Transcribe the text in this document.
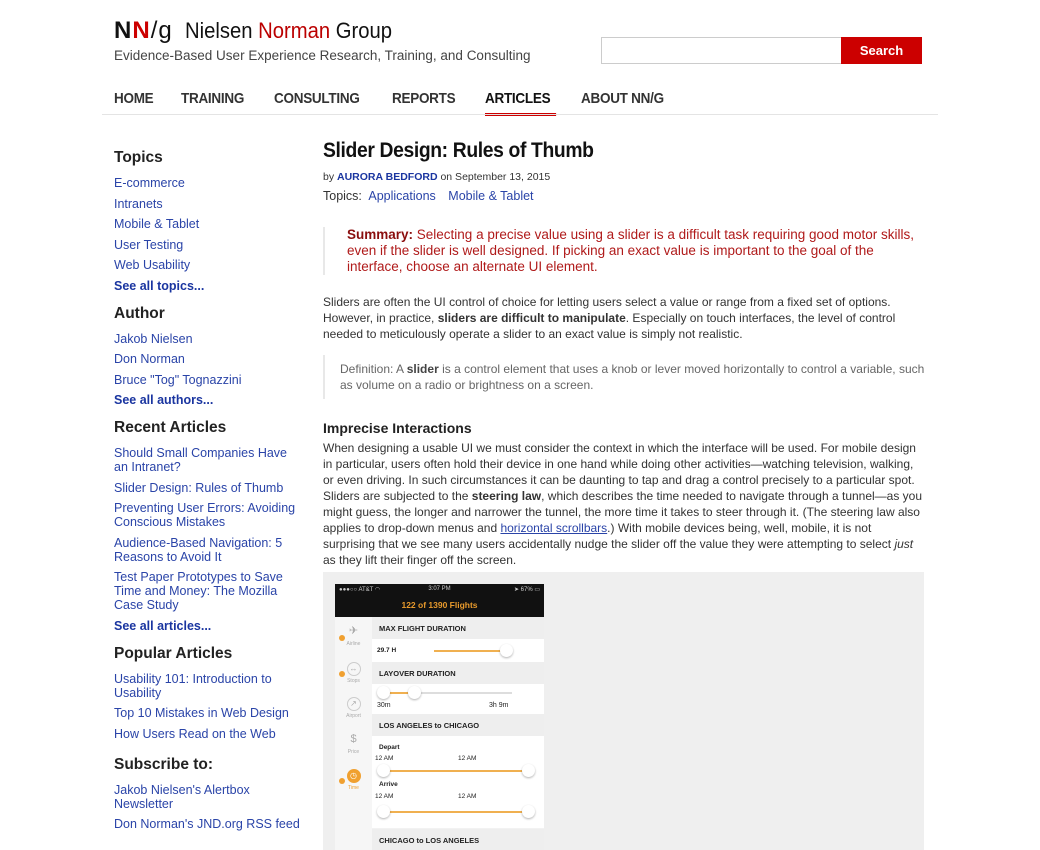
NN/g Nielsen Norman Group
Evidence-Based User Experience Research, Training, and Consulting	Search
HOME TRAINING CONSULTING REPORTS ARTICLES ABOUT NN/G
Topics
E-commerce
Intranets
Mobile & Tablet
User Testing
Web Usability
See all topics...
Author
Jakob Nielsen
Don Norman
Bruce "Tog" Tognazzini
See all authors...
Recent Articles
Should Small Companies Have an Intranet?
Slider Design: Rules of Thumb
Preventing User Errors: Avoiding Conscious Mistakes
Audience-Based Navigation: 5 Reasons to Avoid It
Test Paper Prototypes to Save Time and Money: The Mozilla Case Study
See all articles...
Popular Articles
Usability 101: Introduction to Usability
Top 10 Mistakes in Web Design
How Users Read on the Web
Subscribe to:
Jakob Nielsen's Alertbox Newsletter
Don Norman's JND.org RSS feed
Slider Design: Rules of Thumb
by AURORA BEDFORD on September 13, 2015
Topics: Applications Mobile & Tablet
Summary: Selecting a precise value using a slider is a difficult task requiring good motor skills, even if the slider is well designed. If picking an exact value is important to the goal of the interface, choose an alternate UI element.

Sliders are often the UI control of choice for letting users select a value or range from a fixed set of options. However, in practice, sliders are difficult to manipulate. Especially on touch interfaces, the level of control needed to meticulously operate a slider to an exact value is simply not realistic.

Definition: A slider is a control element that uses a knob or lever moved horizontally to control a variable, such as volume on a radio or brightness on a screen.
Imprecise Interactions

When designing a usable UI we must consider the context in which the interface will be used. For mobile design in particular, users often hold their device in one hand while doing other activities—watching television, walking, or even driving. In such circumstances it can be daunting to tap and drag a control precisely to a particular spot. Sliders are subjected to the steering law, which describes the time needed to navigate through a tunnel—as you might guess, the longer and narrower the tunnel, the more time it takes to steer through it. (The steering law also applies to drop-down menus and horizontal scrollbars.) With mobile devices being, well, mobile, it is not surprising that we see many users accidentally nudge the slider off the value they were attempting to select just as they lift their finger off the screen.

●●●○○ AT&T ◠	3:07 PM	➤ 67% ▭
122 of 1390 Flights
✈
Airline
↔
Stops
↗
Airport
$
Price
◷
Time
MAX FLIGHT DURATION
29.7 H
LAYOVER DURATION
30m	3h 9m
LOS ANGELES to CHICAGO
Depart
12 AM	12 AM
Arrive
12 AM	12 AM
CHICAGO to LOS ANGELES
